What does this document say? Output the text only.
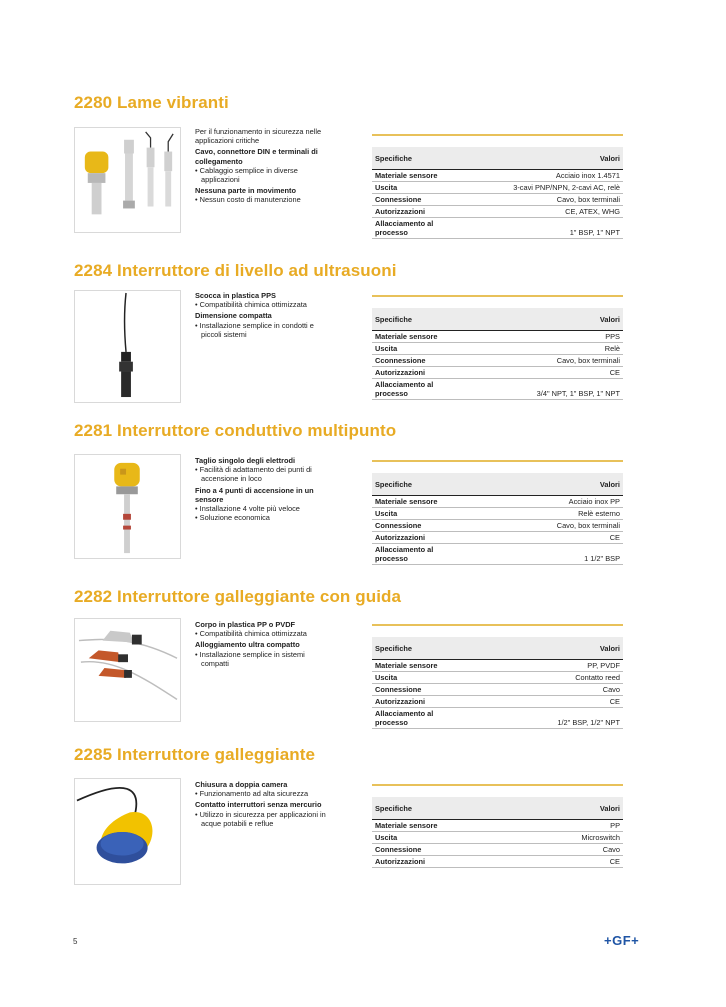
2280 Lame vibranti
Per il funzionamento in sicurezza nelle applicazioni critiche
Cavo, connettore DIN e terminali di collegamento
• Cablaggio semplice in diverse applicazioni
Nessuna parte in movimento
• Nessun costo di manutenzione
Specifiche	Valori
Materiale sensore	Acciaio inox 1.4571
Uscita	3-cavi PNP/NPN, 2-cavi AC, relè
Connessione	Cavo, box terminali
Autorizzazioni	CE, ATEX, WHG
Allacciamento al processo	1" BSP, 1" NPT
2284 Interruttore di livello ad ultrasuoni
Scocca in plastica PPS
• Compatibilità chimica ottimizzata
Dimensione compatta
• Installazione semplice in condotti e piccoli sistemi
Specifiche	Valori
Materiale sensore	PPS
Uscita	Relè
Cconnessione	Cavo, box terminali
Autorizzazioni	CE
Allacciamento al processo	3/4" NPT, 1" BSP, 1" NPT
2281 Interruttore conduttivo multipunto
Taglio singolo degli elettrodi
• Facilità di adattamento dei punti di accensione in loco
Fino a 4 punti di accensione in un sensore
• Installazione 4 volte più veloce
• Soluzione economica
Specifiche	Valori
Materiale sensore	Acciaio inox PP
Uscita	Relè esterno
Connessione	Cavo, box terminali
Autorizzazioni	CE
Allacciamento al processo	1 1/2" BSP
2282 Interruttore galleggiante con guida
Corpo in plastica PP o PVDF
• Compatibilità chimica ottimizzata
Alloggiamento ultra compatto
• Installazione semplice in sistemi compatti
Specifiche	Valori
Materiale sensore	PP, PVDF
Uscita	Contatto reed
Connessione	Cavo
Autorizzazioni	CE
Allacciamento al processo	1/2" BSP, 1/2" NPT
2285 Interruttore galleggiante
Chiusura a doppia camera
• Funzionamento ad alta sicurezza
Contatto interruttori senza mercurio
• Utilizzo in sicurezza per applicazioni in acque potabili e reflue
Specifiche	Valori
Materiale sensore	PP
Uscita	Microswitch
Connessione	Cavo
Autorizzazioni	CE
5	+GF+
